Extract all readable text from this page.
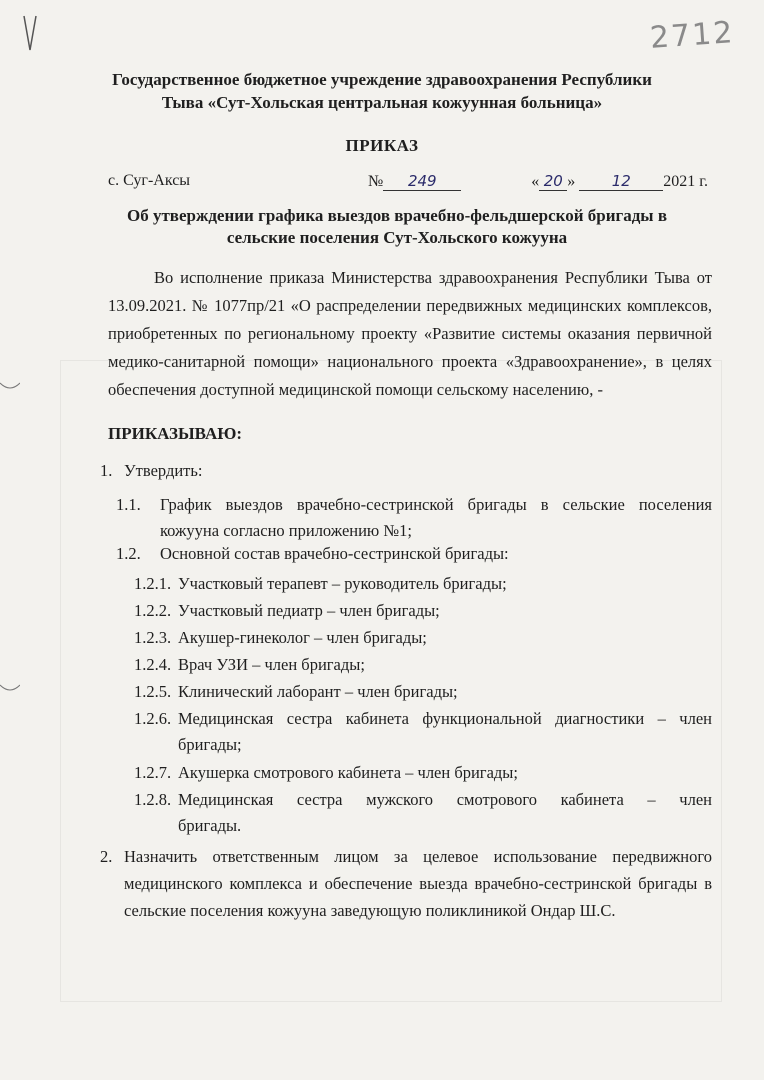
2712
Государственное бюджетное учреждение здравоохранения Республики
Тыва «Сут-Хольская центральная кожуунная больница»
ПРИКАЗ
с. Суг-Аксы	№ 249	« 20 » 12 2021 г.
Об утверждении графика выездов врачебно-фельдшерской бригады в
сельские поселения Сут-Хольского кожууна
Во исполнение приказа Министерства здравоохранения Республики Тыва от 13.09.2021. № 1077пр/21 «О распределении передвижных медицинских комплексов, приобретенных по региональному проекту «Развитие системы оказания первичной медико-санитарной помощи» национального проекта «Здравоохранение», в целях обеспечения доступной медицинской помощи сельскому населению, -
ПРИКАЗЫВАЮ:
1. Утвердить:
1.1. График выездов врачебно-сестринской бригады в сельские поселения кожууна согласно приложению №1;
1.2. Основной состав врачебно-сестринской бригады:
1.2.1. Участковый терапевт – руководитель бригады;
1.2.2. Участковый педиатр – член бригады;
1.2.3. Акушер-гинеколог – член бригады;
1.2.4. Врач УЗИ – член бригады;
1.2.5. Клинический лаборант – член бригады;
1.2.6. Медицинская сестра кабинета функциональной диагностики – член бригады;
1.2.7. Акушерка смотрового кабинета – член бригады;
1.2.8. Медицинская сестра мужского смотрового кабинета – член бригады.
2. Назначить ответственным лицом за целевое использование передвижного медицинского комплекса и обеспечение выезда врачебно-сестринской бригады в сельские поселения кожууна заведующую поликлиникой Ондар Ш.С.
